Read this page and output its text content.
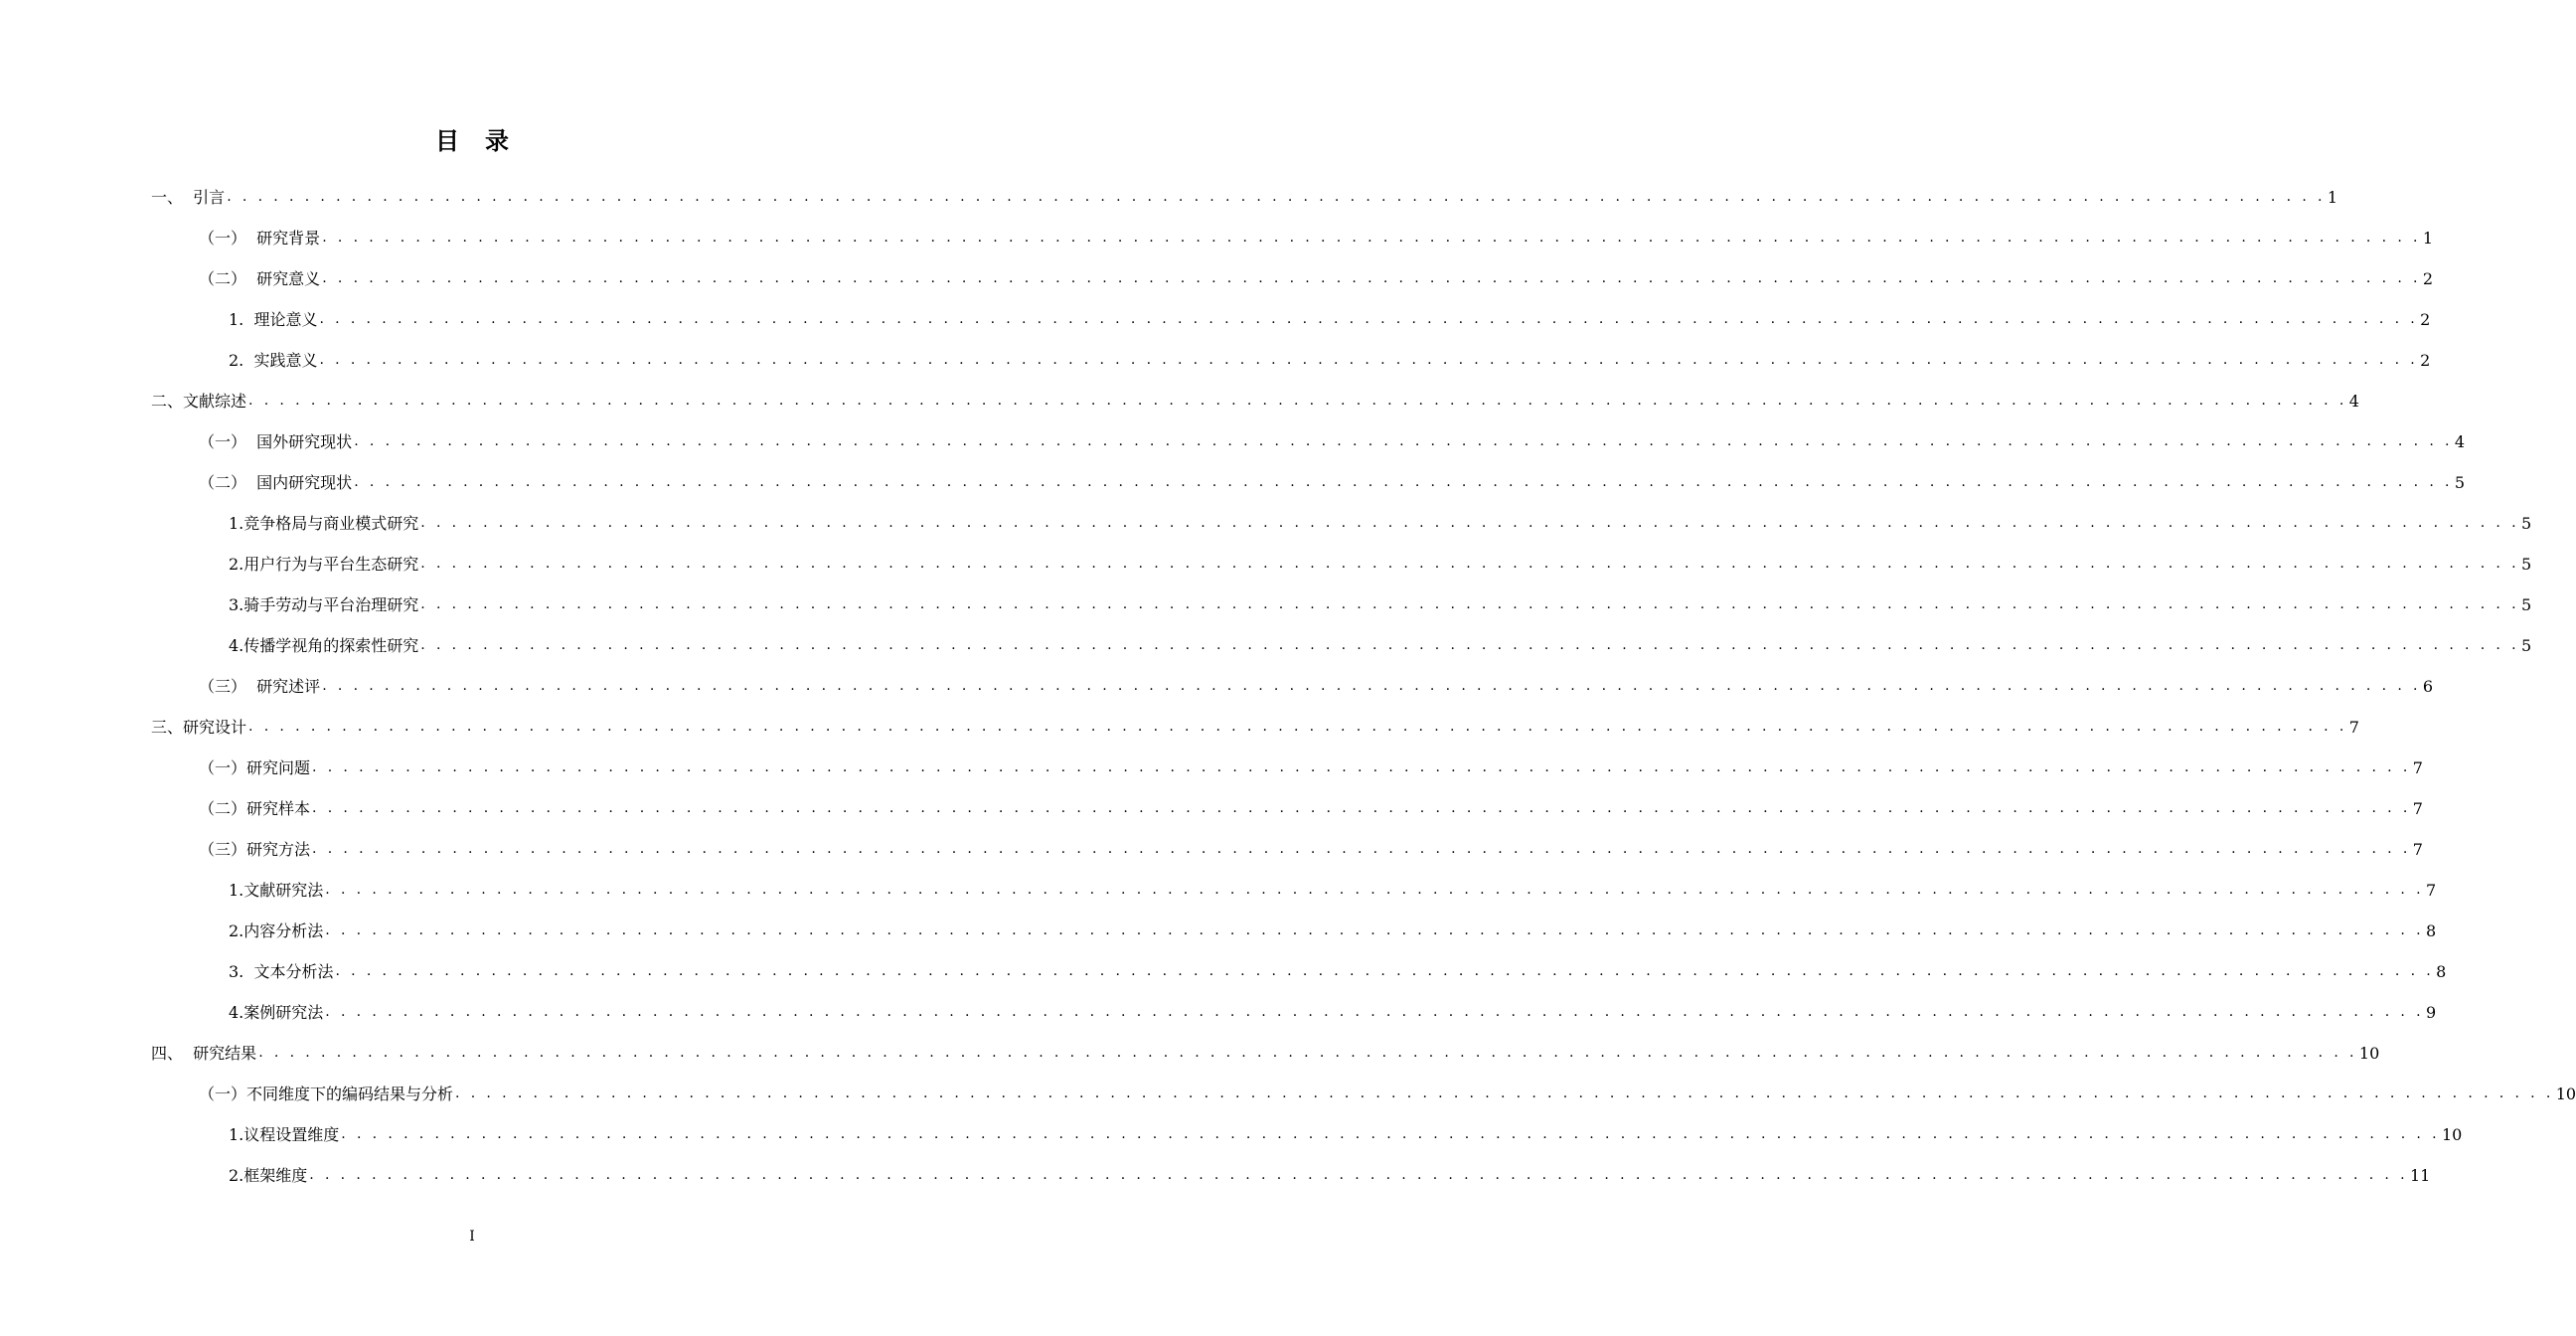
目 录
一、  引言 . . . . . . . . . . . . . . . . . . . . . . . . . . . . . . . . . . . . . . . . . . . . . . . . . . . . . . . . . . . . . . . . . . . . . . . . . . . . . . . . . . . . . . . . . . . . . . . . . . . . . . . . . . . . . . . . . . . . . . . . . . . . . . . . . . . . . . . 1
（一）  研究背景 . . . . . . . . . . . . . . . . . . . . . . . . . . . . . . . . . . . . . . . . . . . . . . . . . . . . . . . . . . . . . . . . . . . . . . . . . . . . . . . . . . . . . . . . . . . . . . . . . . . . . . . . . . . . . . . . . . . . . . . . . . . . . . . . . . . . . . . 1
（二）  研究意义 . . . . . . . . . . . . . . . . . . . . . . . . . . . . . . . . . . . . . . . . . . . . . . . . . . . . . . . . . . . . . . . . . . . . . . . . . . . . . . . . . . . . . . . . . . . . . . . . . . . . . . . . . . . . . . . . . . . . . . . . . . . . . . . . . . . . . . . 2
1.  理论意义 . . . . . . . . . . . . . . . . . . . . . . . . . . . . . . . . . . . . . . . . . . . . . . . . . . . . . . . . . . . . . . . . . . . . . . . . . . . . . . . . . . . . . . . . . . . . . . . . . . . . . . . . . . . . . . . . . . . . . . . . . . . . . . . . . . . . . . . 2
2.  实践意义 . . . . . . . . . . . . . . . . . . . . . . . . . . . . . . . . . . . . . . . . . . . . . . . . . . . . . . . . . . . . . . . . . . . . . . . . . . . . . . . . . . . . . . . . . . . . . . . . . . . . . . . . . . . . . . . . . . . . . . . . . . . . . . . . . . . . . . . 2
二、文献综述 . . . . . . . . . . . . . . . . . . . . . . . . . . . . . . . . . . . . . . . . . . . . . . . . . . . . . . . . . . . . . . . . . . . . . . . . . . . . . . . . . . . . . . . . . . . . . . . . . . . . . . . . . . . . . . . . . . . . . . . . . . . . . . . . . . . . . . . 4
（一）  国外研究现状 . . . . . . . . . . . . . . . . . . . . . . . . . . . . . . . . . . . . . . . . . . . . . . . . . . . . . . . . . . . . . . . . . . . . . . . . . . . . . . . . . . . . . . . . . . . . . . . . . . . . . . . . . . . . . . . . . . . . . . . . . . . . . . . . . . . . . . . 4
（二）  国内研究现状 . . . . . . . . . . . . . . . . . . . . . . . . . . . . . . . . . . . . . . . . . . . . . . . . . . . . . . . . . . . . . . . . . . . . . . . . . . . . . . . . . . . . . . . . . . . . . . . . . . . . . . . . . . . . . . . . . . . . . . . . . . . . . . . . . . . . . . . 5
1.竞争格局与商业模式研究 . . . . . . . . . . . . . . . . . . . . . . . . . . . . . . . . . . . . . . . . . . . . . . . . . . . . . . . . . . . . . . . . . . . . . . . . . . . . . . . . . . . . . . . . . . . . . . . . . . . . . . . . . . . . . . . . . . . . . . . . . . . . . . . . . . . . . . . 5
2.用户行为与平台生态研究 . . . . . . . . . . . . . . . . . . . . . . . . . . . . . . . . . . . . . . . . . . . . . . . . . . . . . . . . . . . . . . . . . . . . . . . . . . . . . . . . . . . . . . . . . . . . . . . . . . . . . . . . . . . . . . . . . . . . . . . . . . . . . . . . . . . . . . . 5
3.骑手劳动与平台治理研究 . . . . . . . . . . . . . . . . . . . . . . . . . . . . . . . . . . . . . . . . . . . . . . . . . . . . . . . . . . . . . . . . . . . . . . . . . . . . . . . . . . . . . . . . . . . . . . . . . . . . . . . . . . . . . . . . . . . . . . . . . . . . . . . . . . . . . . . 5
4.传播学视角的探索性研究 . . . . . . . . . . . . . . . . . . . . . . . . . . . . . . . . . . . . . . . . . . . . . . . . . . . . . . . . . . . . . . . . . . . . . . . . . . . . . . . . . . . . . . . . . . . . . . . . . . . . . . . . . . . . . . . . . . . . . . . . . . . . . . . . . . . . . . . 5
（三）  研究述评 . . . . . . . . . . . . . . . . . . . . . . . . . . . . . . . . . . . . . . . . . . . . . . . . . . . . . . . . . . . . . . . . . . . . . . . . . . . . . . . . . . . . . . . . . . . . . . . . . . . . . . . . . . . . . . . . . . . . . . . . . . . . . . . . . . . . . . . 6
三、研究设计 . . . . . . . . . . . . . . . . . . . . . . . . . . . . . . . . . . . . . . . . . . . . . . . . . . . . . . . . . . . . . . . . . . . . . . . . . . . . . . . . . . . . . . . . . . . . . . . . . . . . . . . . . . . . . . . . . . . . . . . . . . . . . . . . . . . . . . . 7
（一）研究问题 . . . . . . . . . . . . . . . . . . . . . . . . . . . . . . . . . . . . . . . . . . . . . . . . . . . . . . . . . . . . . . . . . . . . . . . . . . . . . . . . . . . . . . . . . . . . . . . . . . . . . . . . . . . . . . . . . . . . . . . . . . . . . . . . . . . . . . . 7
（二）研究样本 . . . . . . . . . . . . . . . . . . . . . . . . . . . . . . . . . . . . . . . . . . . . . . . . . . . . . . . . . . . . . . . . . . . . . . . . . . . . . . . . . . . . . . . . . . . . . . . . . . . . . . . . . . . . . . . . . . . . . . . . . . . . . . . . . . . . . . . 7
（三）研究方法 . . . . . . . . . . . . . . . . . . . . . . . . . . . . . . . . . . . . . . . . . . . . . . . . . . . . . . . . . . . . . . . . . . . . . . . . . . . . . . . . . . . . . . . . . . . . . . . . . . . . . . . . . . . . . . . . . . . . . . . . . . . . . . . . . . . . . . . 7
1.文献研究法 . . . . . . . . . . . . . . . . . . . . . . . . . . . . . . . . . . . . . . . . . . . . . . . . . . . . . . . . . . . . . . . . . . . . . . . . . . . . . . . . . . . . . . . . . . . . . . . . . . . . . . . . . . . . . . . . . . . . . . . . . . . . . . . . . . . . . . . 7
2.内容分析法 . . . . . . . . . . . . . . . . . . . . . . . . . . . . . . . . . . . . . . . . . . . . . . . . . . . . . . . . . . . . . . . . . . . . . . . . . . . . . . . . . . . . . . . . . . . . . . . . . . . . . . . . . . . . . . . . . . . . . . . . . . . . . . . . . . . . . . . 8
3.  文本分析法 . . . . . . . . . . . . . . . . . . . . . . . . . . . . . . . . . . . . . . . . . . . . . . . . . . . . . . . . . . . . . . . . . . . . . . . . . . . . . . . . . . . . . . . . . . . . . . . . . . . . . . . . . . . . . . . . . . . . . . . . . . . . . . . . . . . . . . . 8
4.案例研究法 . . . . . . . . . . . . . . . . . . . . . . . . . . . . . . . . . . . . . . . . . . . . . . . . . . . . . . . . . . . . . . . . . . . . . . . . . . . . . . . . . . . . . . . . . . . . . . . . . . . . . . . . . . . . . . . . . . . . . . . . . . . . . . . . . . . . . . . 9
四、  研究结果 . . . . . . . . . . . . . . . . . . . . . . . . . . . . . . . . . . . . . . . . . . . . . . . . . . . . . . . . . . . . . . . . . . . . . . . . . . . . . . . . . . . . . . . . . . . . . . . . . . . . . . . . . . . . . . . . . . . . . . . . . . . . . . . . . . . . . . . 10
（一）不同维度下的编码结果与分析 . . . . . . . . . . . . . . . . . . . . . . . . . . . . . . . . . . . . . . . . . . . . . . . . . . . . . . . . . . . . . . . . . . . . . . . . . . . . . . . . . . . . . . . . . . . . . . . . . . . . . . . . . . . . . . . . . . . . . . . . . . . . . . . . . . . . . . . 10
1.议程设置维度 . . . . . . . . . . . . . . . . . . . . . . . . . . . . . . . . . . . . . . . . . . . . . . . . . . . . . . . . . . . . . . . . . . . . . . . . . . . . . . . . . . . . . . . . . . . . . . . . . . . . . . . . . . . . . . . . . . . . . . . . . . . . . . . . . . . . . . . 10
2.框架维度 . . . . . . . . . . . . . . . . . . . . . . . . . . . . . . . . . . . . . . . . . . . . . . . . . . . . . . . . . . . . . . . . . . . . . . . . . . . . . . . . . . . . . . . . . . . . . . . . . . . . . . . . . . . . . . . . . . . . . . . . . . . . . . . . . . . . . . . 11
I
